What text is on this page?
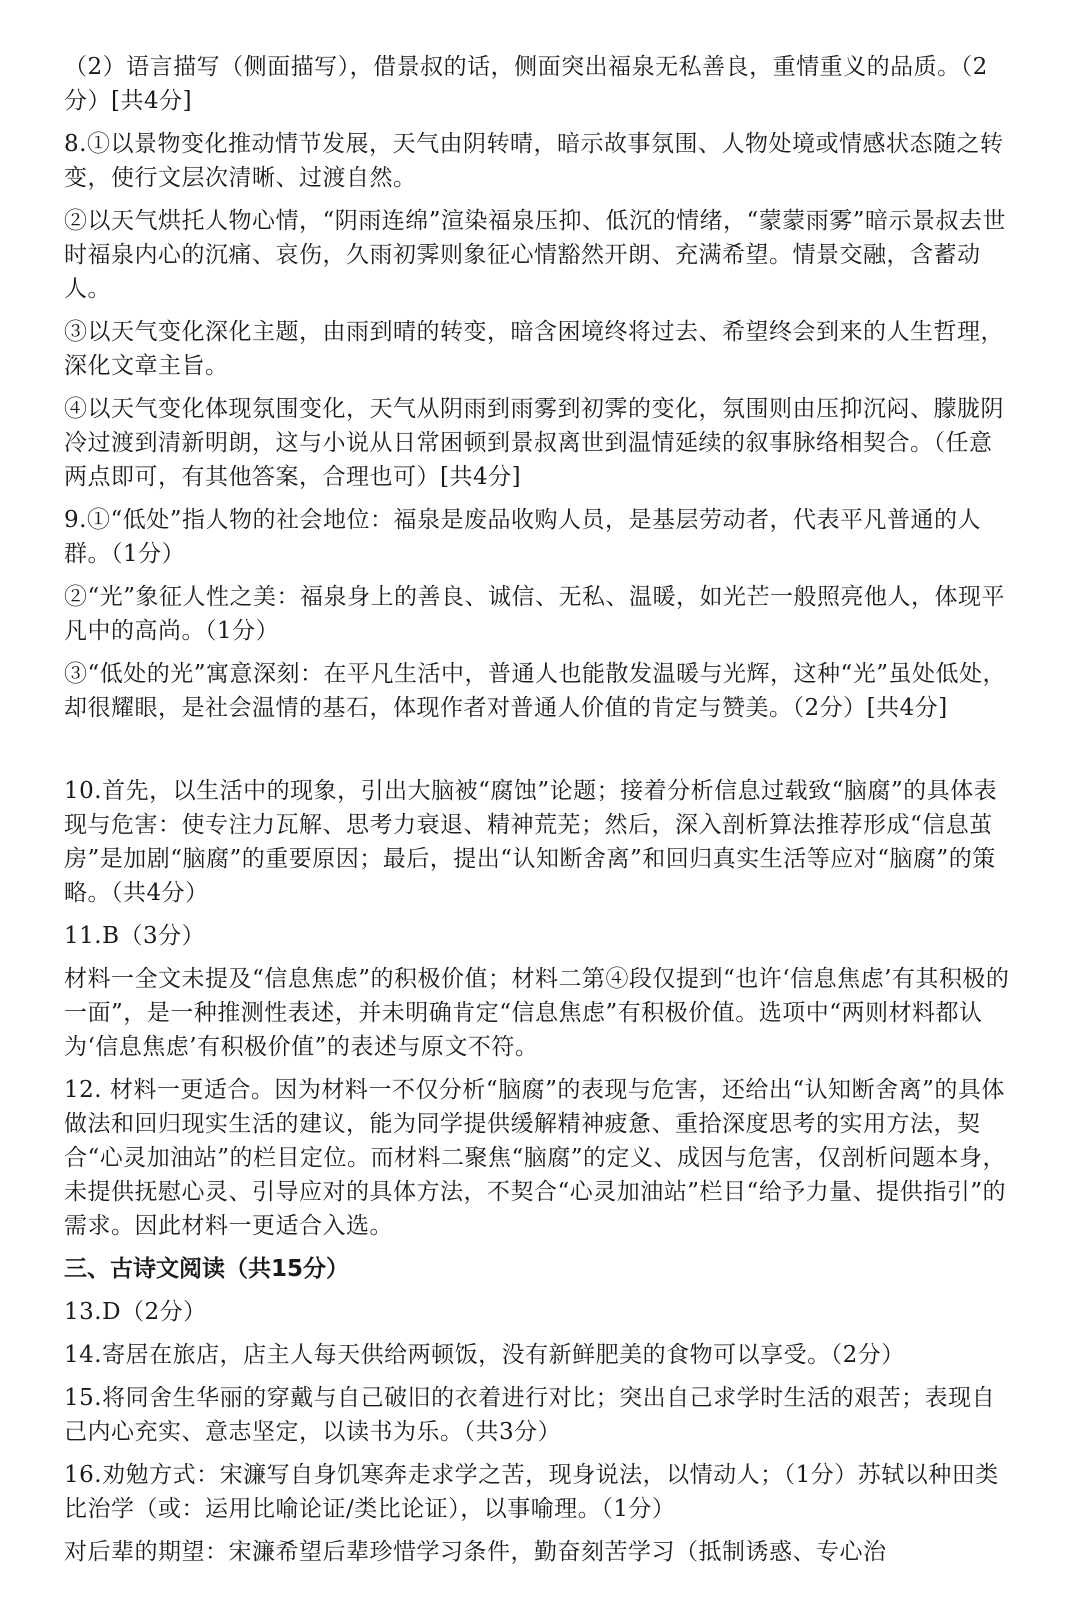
（2）语言描写（侧面描写），借景叔的话，侧面突出福泉无私善良，重情重义的品质。（2分）[共4分]

8.①以景物变化推动情节发展，天气由阴转晴，暗示故事氛围、人物处境或情感状态随之转变，使行文层次清晰、过渡自然。

②以天气烘托人物心情，“阴雨连绵”渲染福泉压抑、低沉的情绪，“蒙蒙雨雾”暗示景叔去世时福泉内心的沉痛、哀伤，久雨初霁则象征心情豁然开朗、充满希望。情景交融，含蓄动人。

③以天气变化深化主题，由雨到晴的转变，暗含困境终将过去、希望终会到来的人生哲理，深化文章主旨。

④以天气变化体现氛围变化，天气从阴雨到雨雾到初霁的变化，氛围则由压抑沉闷、朦胧阴冷过渡到清新明朗，这与小说从日常困顿到景叔离世到温情延续的叙事脉络相契合。（任意两点即可，有其他答案，合理也可）[共4分]

9.①“低处”指人物的社会地位：福泉是废品收购人员，是基层劳动者，代表平凡普通的人群。（1分）

②“光”象征人性之美：福泉身上的善良、诚信、无私、温暖，如光芒一般照亮他人，体现平凡中的高尚。（1分）

③“低处的光”寓意深刻：在平凡生活中，普通人也能散发温暖与光辉，这种“光”虽处低处，却很耀眼，是社会温情的基石，体现作者对普通人价值的肯定与赞美。（2分）[共4分]

10.首先，以生活中的现象，引出大脑被“腐蚀”论题；接着分析信息过载致“脑腐”的具体表现与危害：使专注力瓦解、思考力衰退、精神荒芜；然后，深入剖析算法推荐形成“信息茧房”是加剧“脑腐”的重要原因；最后，提出“认知断舍离”和回归真实生活等应对“脑腐”的策略。（共4分）

11.B（3分）

材料一全文未提及“信息焦虑”的积极价值；材料二第④段仅提到“也许‘信息焦虑’有其积极的一面”，是一种推测性表述，并未明确肯定“信息焦虑”有积极价值。选项中“两则材料都认为‘信息焦虑’有积极价值”的表述与原文不符。

12. 材料一更适合。因为材料一不仅分析“脑腐”的表现与危害，还给出“认知断舍离”的具体做法和回归现实生活的建议，能为同学提供缓解精神疲惫、重拾深度思考的实用方法，契合“心灵加油站”的栏目定位。而材料二聚焦“脑腐”的定义、成因与危害，仅剖析问题本身，未提供抚慰心灵、引导应对的具体方法，不契合“心灵加油站”栏目“给予力量、提供指引”的需求。因此材料一更适合入选。

三、古诗文阅读（共15分）

13.D（2分）

14.寄居在旅店，店主人每天供给两顿饭，没有新鲜肥美的食物可以享受。（2分）

15.将同舍生华丽的穿戴与自己破旧的衣着进行对比；突出自己求学时生活的艰苦；表现自己内心充实、意志坚定，以读书为乐。（共3分）

16.劝勉方式：宋濂写自身饥寒奔走求学之苦，现身说法，以情动人；（1分）苏轼以种田类比治学（或：运用比喻论证/类比论证），以事喻理。（1分）

对后辈的期望：宋濂希望后辈珍惜学习条件，勤奋刻苦学习（抵制诱惑、专心治
